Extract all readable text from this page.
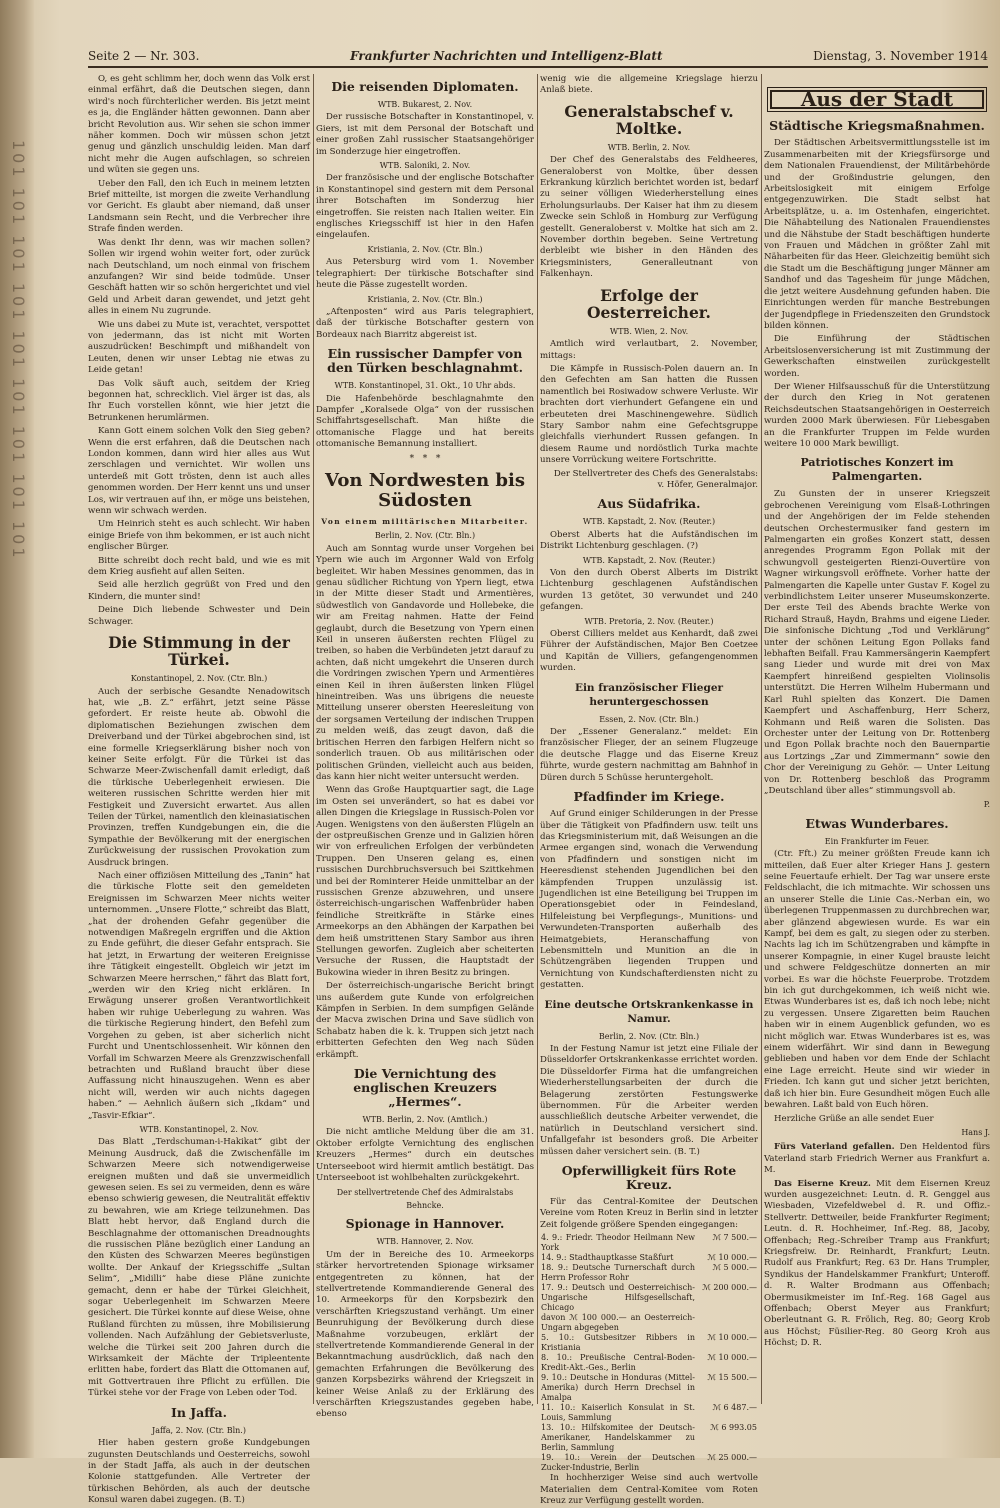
101 101 101 101 101 101 101 101 101
Seite 2 — Nr. 303.	Frankfurter Nachrichten und Intelligenz-Blatt	Dienstag, 3. November 1914

O, es geht schlimm her, doch wenn das Volk erst einmal erfährt, daß die Deutschen siegen, dann wird's noch fürchterlicher werden. Bis jetzt meint es ja, die Engländer hätten gewonnen. Dann aber bricht Revolution aus. Wir sehen sie schon immer näher kommen. Doch wir müssen schon jetzt genug und gänzlich unschuldig leiden. Man darf nicht mehr die Augen aufschlagen, so schreien und wüten sie gegen uns.

Ueber den Fall, den ich Euch in meinem letzten Brief mitteilte, ist morgen die zweite Verhandlung vor Gericht. Es glaubt aber niemand, daß unser Landsmann sein Recht, und die Verbrecher ihre Strafe finden werden.

Was denkt Ihr denn, was wir machen sollen? Sollen wir irgend wohin weiter fort, oder zurück nach Deutschland, um noch einmal von frischem anzufangen? Wir sind beide todmüde. Unser Geschäft hatten wir so schön hergerichtet und viel Geld und Arbeit daran gewendet, und jetzt geht alles in einem Nu zugrunde.

Wie uns dabei zu Mute ist, verachtet, verspottet von jedermann, das ist nicht mit Worten auszudrücken! Beschimpft und mißhandelt von Leuten, denen wir unser Lebtag nie etwas zu Leide getan!

Das Volk säuft auch, seitdem der Krieg begonnen hat, schrecklich. Viel ärger ist das, als Ihr Euch vorstellen könnt, wie hier jetzt die Betrunkenen herumlärmen.

Kann Gott einem solchen Volk den Sieg geben? Wenn die erst erfahren, daß die Deutschen nach London kommen, dann wird hier alles aus Wut zerschlagen und vernichtet. Wir wollen uns unterdeß mit Gott trösten, denn ist auch alles genommen worden. Der Herr kennt uns und unser Los, wir vertrauen auf ihn, er möge uns beistehen, wenn wir schwach werden.

Um Heinrich steht es auch schlecht. Wir haben einige Briefe von ihm bekommen, er ist auch nicht englischer Bürger.

Bitte schreibt doch recht bald, und wie es mit dem Krieg ausfieht auf allen Seiten.

Seid alle herzlich gegrüßt von Fred und den Kindern, die munter sind!

Deine Dich liebende Schwester und Dein Schwager.

Die Stimmung in der Türkei.
Konstantinopel, 2. Nov. (Ctr. Bln.)

Auch der serbische Gesandte Nenadowitsch hat, wie „B. Z.“ erfährt, jetzt seine Pässe gefordert. Er reiste heute ab. Obwohl die diplomatischen Beziehungen zwischen dem Dreiverband und der Türkei abgebrochen sind, ist eine formelle Kriegserklärung bisher noch von keiner Seite erfolgt. Für die Türkei ist das Schwarze Meer-Zwischenfall damit erledigt, daß die türkische Ueberlegenheit erwiesen. Die weiteren russischen Schritte werden hier mit Festigkeit und Zuversicht erwartet. Aus allen Teilen der Türkei, namentlich den kleinasiatischen Provinzen, treffen Kundgebungen ein, die die Sympathie der Bevölkerung mit der energischen Zurückweisung der russischen Provokation zum Ausdruck bringen.

Nach einer offiziösen Mitteilung des „Tanin“ hat die türkische Flotte seit den gemeldeten Ereignissen im Schwarzen Meer nichts weiter unternommen. „Unsere Flotte,“ schreibt das Blatt, „hat der drohenden Gefahr gegenüber die notwendigen Maßregeln ergriffen und die Aktion zu Ende geführt, die dieser Gefahr entsprach. Sie hat jetzt, in Erwartung der weiteren Ereignisse ihre Tätigkeit eingestellt. Obgleich wir jetzt im Schwarzen Meere herrschen,“ fährt das Blatt fort, „werden wir den Krieg nicht erklären. In Erwägung unserer großen Verantwortlichkeit haben wir ruhige Ueberlegung zu wahren. Was die türkische Regierung hindert, den Befehl zum Vorgehen zu geben, ist aber sicherlich nicht Furcht und Unentschlossenheit. Wir können den Vorfall im Schwarzen Meere als Grenzzwischenfall betrachten und Rußland braucht über diese Auffassung nicht hinauszugehen. Wenn es aber nicht will, werden wir auch nichts dagegen haben.“ — Aehnlich äußern sich „Ikdam“ und „Tasvir-Efkiar“.

WTB. Konstantinopel, 2. Nov.

Das Blatt „Terdschuman-i-Hakikat“ gibt der Meinung Ausdruck, daß die Zwischenfälle im Schwarzen Meere sich notwendigerweise ereignen mußten und daß sie unvermeidlich gewesen seien. Es sei zu vermeiden, denn es wäre ebenso schwierig gewesen, die Neutralität effektiv zu bewahren, wie am Kriege teilzunehmen. Das Blatt hebt hervor, daß England durch die Beschlagnahme der ottomanischen Dreadnoughts die russischen Pläne bezüglich einer Landung an den Küsten des Schwarzen Meeres begünstigen wollte. Der Ankauf der Kriegsschiffe „Sultan Selim“, „Midilli“ habe diese Pläne zunichte gemacht, denn er habe der Türkei Gleichheit, sogar Ueberlegenheit im Schwarzen Meere gesichert. Die Türkei konnte auf diese Weise, ohne Rußland fürchten zu müssen, ihre Mobilisierung vollenden. Nach Aufzählung der Gebietsverluste, welche die Türkei seit 200 Jahren durch die Wirksamkeit der Mächte der Tripleentente erlitten habe, fordert das Blatt die Ottomanen auf, mit Gottvertrauen ihre Pflicht zu erfüllen. Die Türkei stehe vor der Frage von Leben oder Tod.

In Jaffa.
Jaffa, 2. Nov. (Ctr. Bln.)

Hier haben gestern große Kundgebungen zugunsten Deutschlands und Oesterreichs, sowohl in der Stadt Jaffa, als auch in der deutschen Kolonie stattgefunden. Alle Vertreter der türkischen Behörden, als auch der deutsche Konsul waren dabei zugegen. (B. T.)

Die reisenden Diplomaten.
WTB. Bukarest, 2. Nov.

Der russische Botschafter in Konstantinopel, v. Giers, ist mit dem Personal der Botschaft und einer großen Zahl russischer Staatsangehöriger im Sonderzuge hier eingetroffen.

WTB. Saloniki, 2. Nov.

Der französische und der englische Botschafter in Konstantinopel sind gestern mit dem Personal ihrer Botschaften im Sonderzug hier eingetroffen. Sie reisten nach Italien weiter. Ein englisches Kriegsschiff ist hier in den Hafen eingelaufen.

Kristiania, 2. Nov. (Ctr. Bln.)

Aus Petersburg wird vom 1. November telegraphiert: Der türkische Botschafter sind heute die Pässe zugestellt worden.

Kristiania, 2. Nov. (Ctr. Bln.)

„Aftenposten“ wird aus Paris telegraphiert, daß der türkische Botschafter gestern von Bordeaux nach Biarritz abgereist ist.

Ein russischer Dampfer von den Türken beschlagnahmt.
WTB. Konstantinopel, 31. Okt., 10 Uhr abds.

Die Hafenbehörde beschlagnahmte den Dampfer „Koralsede Olga“ von der russischen Schiffahrtsgesellschaft. Man hißte die ottomanische Flagge und hat bereits ottomanische Bemannung installiert.

*   *   *
Von Nordwesten bis Südosten
Von einem militärischen Mitarbeiter.
Berlin, 2. Nov. (Ctr. Bln.)

Auch am Sonntag wurde unser Vorgehen bei Ypern wie auch im Argonner Wald von Erfolg begleitet. Wir haben Messines genommen, das in genau südlicher Richtung von Ypern liegt, etwa in der Mitte dieser Stadt und Armentières, südwestlich von Gandavorde und Hollebeke, die wir am Freitag nahmen. Hatte der Feind geglaubt, durch die Besetzung von Ypern einen Keil in unseren äußersten rechten Flügel zu treiben, so haben die Verbündeten jetzt darauf zu achten, daß nicht umgekehrt die Unseren durch die Vordringen zwischen Ypern und Armentières einen Keil in ihren äußersten linken Flügel hineintreiben. Was uns übrigens die neueste Mitteilung unserer obersten Heeresleitung von der sorgsamen Verteilung der indischen Truppen zu melden weiß, das zeugt davon, daß die britischen Herren den farbigen Helfern nicht so sonderlich trauen. Ob aus militärischen oder politischen Gründen, vielleicht auch aus beiden, das kann hier nicht weiter untersucht werden.

Wenn das Große Hauptquartier sagt, die Lage im Osten sei unverändert, so hat es dabei vor allen Dingen die Kriegslage in Russisch-Polen vor Augen. Wenigstens von den äußersten Flügeln an der ostpreußischen Grenze und in Galizien hören wir von erfreulichen Erfolgen der verbündeten Truppen. Den Unseren gelang es, einen russischen Durchbruchsversuch bei Szittkehmen und bei der Rominterer Heide unmittelbar an der russischen Grenze abzuwehren, und unsere österreichisch-ungarischen Waffenbrüder haben feindliche Streitkräfte in Stärke eines Armeekorps an den Abhängen der Karpathen bei dem heiß umstrittenen Stary Sambor aus ihren Stellungen geworfen. Zugleich aber scheiterten Versuche der Russen, die Hauptstadt der Bukowina wieder in ihren Besitz zu bringen.

Der österreichisch-ungarische Bericht bringt uns außerdem gute Kunde von erfolgreichen Kämpfen in Serbien. In dem sumpfigen Gelände der Macva zwischen Drina und Save südlich von Schabatz haben die k. k. Truppen sich jetzt nach erbitterten Gefechten den Weg nach Süden erkämpft.

Die Vernichtung des englischen Kreuzers „Hermes“.
WTB. Berlin, 2. Nov. (Amtlich.)

Die nicht amtliche Meldung über die am 31. Oktober erfolgte Vernichtung des englischen Kreuzers „Hermes“ durch ein deutsches Unterseeboot wird hiermit amtlich bestätigt. Das Unterseeboot ist wohlbehalten zurückgekehrt.

Der stellvertretende Chef des Admiralstabs
Behncke.
Spionage in Hannover.
WTB. Hannover, 2. Nov.

Um der in Bereiche des 10. Armeekorps stärker hervortretenden Spionage wirksamer entgegentreten zu können, hat der stellvertretende Kommandierende General des 10. Armeekorps für den Korpsbezirk den verschärften Kriegszustand verhängt. Um einer Beunruhigung der Bevölkerung durch diese Maßnahme vorzubeugen, erklärt der stellvertretende Kommandierende General in der Bekanntmachung ausdrücklich, daß nach den gemachten Erfahrungen die Bevölkerung des ganzen Korpsbezirks während der Kriegszeit in keiner Weise Anlaß zu der Erklärung des verschärften Kriegszustandes gegeben habe, ebenso

wenig wie die allgemeine Kriegslage hierzu Anlaß biete.

Generalstabschef v. Moltke.
WTB. Berlin, 2. Nov.

Der Chef des Generalstabs des Feldheeres, Generaloberst von Moltke, über dessen Erkrankung kürzlich berichtet worden ist, bedarf zu seiner völligen Wiederherstellung eines Erholungsurlaubs. Der Kaiser hat ihm zu diesem Zwecke sein Schloß in Homburg zur Verfügung gestellt. Generaloberst v. Moltke hat sich am 2. November dorthin begeben. Seine Vertretung derbleibt wie bisher in den Händen des Kriegsministers, Generalleutnant von Falkenhayn.

Erfolge der Oesterreicher.
WTB. Wien, 2. Nov.

Amtlich wird verlautbart, 2. November, mittags:

Die Kämpfe in Russisch-Polen dauern an. In den Gefechten am San hatten die Russen namentlich bei Rosiwadow schwere Verluste. Wir brachten dort vierhundert Gefangene ein und erbeuteten drei Maschinengewehre. Südlich Stary Sambor nahm eine Gefechtsgruppe gleichfalls vierhundert Russen gefangen. In diesem Raume und nordöstlich Turka machte unsere Vorrückung weitere Fortschritte.

Der Stellvertreter des Chefs des Generalstabs: v. Höfer, Generalmajor.

Aus Südafrika.
WTB. Kapstadt, 2. Nov. (Reuter.)

Oberst Alberts hat die Aufständischen im Distrikt Lichtenburg geschlagen. (?)

WTB. Kapstadt, 2. Nov. (Reuter.)

Von den durch Oberst Alberts im Distrikt Lichtenburg geschlagenen Aufständischen wurden 13 getötet, 30 verwundet und 240 gefangen.

WTB. Pretoria, 2. Nov. (Reuter.)

Oberst Cilliers meldet aus Kenhardt, daß zwei Führer der Aufständischen, Major Ben Coetzee und Kapitän de Villiers, gefangengenommen wurden.

Ein französischer Flieger heruntergeschossen
Essen, 2. Nov. (Ctr. Bln.)

Der „Essener Generalanz.“ meldet: Ein französischer Flieger, der an seinem Flugzeuge die deutsche Flagge und das Eiserne Kreuz führte, wurde gestern nachmittag am Bahnhof in Düren durch 5 Schüsse heruntergeholt.

Pfadfinder im Kriege.

Auf Grund einiger Schilderungen in der Presse über die Tätigkeit von Pfadfindern usw. teilt uns das Kriegsministerium mit, daß Weisungen an die Armee ergangen sind, wonach die Verwendung von Pfadfindern und sonstigen nicht im Heeresdienst stehenden Jugendlichen bei den kämpfenden Truppen unzulässig ist. Jugendlichen ist eine Beteiligung bei Truppen im Operationsgebiet oder in Feindesland, Hilfeleistung bei Verpflegungs-, Munitions- und Verwundeten-Transporten außerhalb des Heimatgebiets, Heranschaffung von Lebensmitteln und Munition an die in Schützengräben liegenden Truppen und Vernichtung von Kundschafterdiensten nicht zu gestatten.

Eine deutsche Ortskrankenkasse in Namur.
Berlin, 2. Nov. (Ctr. Bln.)

In der Festung Namur ist jetzt eine Filiale der Düsseldorfer Ortskrankenkasse errichtet worden. Die Düsseldorfer Firma hat die umfangreichen Wiederherstellungsarbeiten der durch die Belagerung zerstörten Festungswerke übernommen. Für die Arbeiter werden ausschließlich deutsche Arbeiter verwendet, die natürlich in Deutschland versichert sind. Unfallgefahr ist besonders groß. Die Arbeiter müssen daher versichert sein. (B. T.)

Opferwilligkeit fürs Rote Kreuz.

Für das Central-Komitee der Deutschen Vereine vom Roten Kreuz in Berlin sind in letzter Zeit folgende größere Spenden eingegangen:

4. 9.: Friedr. Theodor Heilmann New York	ℳ 7 500.—
14. 9.: Stadthauptkasse Staßfurt	ℳ 10 000.—
18. 9.: Deutsche Turnerschaft durch Herrn Professor Rohr	ℳ 5 000.—
17. 9.: Deutsch und Oesterreichisch-Ungarische Hilfsgesellschaft, Chicago	ℳ 200 000.—
davon ℳ 100 000.— an Oesterreich-Ungarn abgegeben	
5. 10.: Gutsbesitzer Ribbers in Kristiania	ℳ 10 000.—
8. 10.: Preußische Central-Boden-Kredit-Akt.-Ges., Berlin	ℳ 10 000.—
9. 10.: Deutsche in Honduras (Mittel-Amerika) durch Herrn Drechsel in Amalpa	ℳ 15 500.—
11. 10.: Kaiserlich Konsulat in St. Louis, Sammlung	ℳ 6 487.—
13. 10.: Hilfskomitee der Deutsch-Amerikaner, Handelskammer zu Berlin, Sammlung	ℳ 6 993.05
19. 10.: Verein der Deutschen Zucker-Industrie, Berlin	ℳ 25 000.—

In hochherziger Weise sind auch wertvolle Materialien dem Central-Komitee vom Roten Kreuz zur Verfügung gestellt worden.

Aus der Stadt
Städtische Kriegsmaßnahmen.

Der Städtischen Arbeitsvermittlungsstelle ist im Zusammenarbeiten mit der Kriegsfürsorge und dem Nationalen Frauendienst, der Militärbehörde und der Großindustrie gelungen, den Arbeitslosigkeit mit einigem Erfolge entgegenzuwirken. Die Stadt selbst hat Arbeitsplätze, u. a. im Ostenhafen, eingerichtet. Die Nähabteilung des Nationalen Frauendienstes und die Nähstube der Stadt beschäftigen hunderte von Frauen und Mädchen in größter Zahl mit Näharbeiten für das Heer. Gleichzeitig bemüht sich die Stadt um die Beschäftigung junger Männer am Sandhof und das Tagesheim für junge Mädchen, die jetzt weitere Ausdehnung gefunden haben. Die Einrichtungen werden für manche Bestrebungen der Jugendpflege in Friedenszeiten den Grundstock bilden können.

Die Einführung der Städtischen Arbeitslosenversicherung ist mit Zustimmung der Gewerkschaften einstweilen zurückgestellt worden.

Der Wiener Hilfsausschuß für die Unterstützung der durch den Krieg in Not geratenen Reichsdeutschen Staatsangehörigen in Oesterreich wurden 2000 Mark überwiesen. Für Liebesgaben an die Frankfurter Truppen im Felde wurden weitere 10 000 Mark bewilligt.

Patriotisches Konzert im Palmengarten.

Zu Gunsten der in unserer Kriegszeit gebrochenen Vereinigung vom Elsaß-Lothringen und der Angehörigen der im Felde stehenden deutschen Orchestermusiker fand gestern im Palmengarten ein großes Konzert statt, dessen anregendes Programm Egon Pollak mit der schwungvoll gesteigerten Rienzi-Ouvertüre von Wagner wirkungsvoll eröffnete. Vorher hatte der Palmengarten die Kapelle unter Gustav F. Kogel zu verbindlichstem Leiter unserer Museumskonzerte. Der erste Teil des Abends brachte Werke von Richard Strauß, Haydn, Brahms und eigene Lieder. Die sinfonische Dichtung „Tod und Verklärung“ unter der schönen Leitung Egon Pollaks fand lebhaften Beifall. Frau Kammersängerin Kaempfert sang Lieder und wurde mit drei von Max Kaempfert hinreißend gespielten Violinsolis unterstützt. Die Herren Wilhelm Hubermann und Karl Ruhl spielten das Konzert. Die Damen Kaempfert und Aschaffenburg, Herr Scherz, Kohmann und Reiß waren die Solisten. Das Orchester unter der Leitung von Dr. Rottenberg und Egon Pollak brachte noch den Bauernpartie aus Lortzings „Zar und Zimmermann“ sowie den Chor der Vereinigung zu Gehör. — Unter Leitung von Dr. Rottenberg beschloß das Programm „Deutschland über alles“ stimmungsvoll ab.

P.
Etwas Wunderbares.
Ein Frankfurter im Feuer.

(Ctr. Fft.) Zu meiner größten Freude kann ich mitteilen, daß Euer alter Krieger Hans J. gestern seine Feuertaufe erhielt. Der Tag war unsere erste Feldschlacht, die ich mitmachte. Wir schossen uns an unserer Stelle die Linie Cas.-Nerban ein, wo überlegenen Truppenmassen zu durchbrechen war, aber glänzend abgewiesen wurde. Es war ein Kampf, bei dem es galt, zu siegen oder zu sterben. Nachts lag ich im Schützengraben und kämpfte in unserer Kompagnie, in einer Kugel brauste leicht und schwere Feldgeschütze donnerten an mir vorbei. Es war die höchste Feuerprobe. Trotzdem bin ich gut durchgekommen, ich weiß nicht wie. Etwas Wunderbares ist es, daß ich noch lebe; nicht zu vergessen. Unsere Zigaretten beim Rauchen haben wir in einem Augenblick gefunden, wo es nicht möglich war. Etwas Wunderbares ist es, was einem widerfährt. Wir sind dann in Bewegung geblieben und haben vor dem Ende der Schlacht eine Lage erreicht. Heute sind wir wieder in Frieden. Ich kann gut und sicher jetzt berichten, daß ich hier bin. Eure Gesundheit mögen Euch alle bewahren. Laßt bald von Euch hören.

Herzliche Grüße an alle sendet Euer

Hans J.

Fürs Vaterland gefallen. Den Heldentod fürs Vaterland starb Friedrich Werner aus Frankfurt a. M.

Das Eiserne Kreuz. Mit dem Eisernen Kreuz wurden ausgezeichnet: Leutn. d. R. Genggel aus Wiesbaden, Vizefeldwebel d. R. und Offiz.-Stellvertr. Dettweiler, beide Frankfurter Regiment; Leutn. d. R. Hochheimer, Inf.-Reg. 88, Jacoby, Offenbach; Reg.-Schreiber Tramp aus Frankfurt; Kriegsfreiw. Dr. Reinhardt, Frankfurt; Leutn. Rudolf aus Frankfurt; Reg. 63 Dr. Hans Trumpler, Syndikus der Handelskammer Frankfurt; Unteroff. d. R. Walter Brodmann aus Offenbach; Obermusikmeister im Inf.-Reg. 168 Gagel aus Offenbach; Oberst Meyer aus Frankfurt; Oberleutnant G. R. Frölich, Reg. 80; Georg Krob aus Höchst; Füsilier-Reg. 80 Georg Kroh aus Höchst; D. R.
